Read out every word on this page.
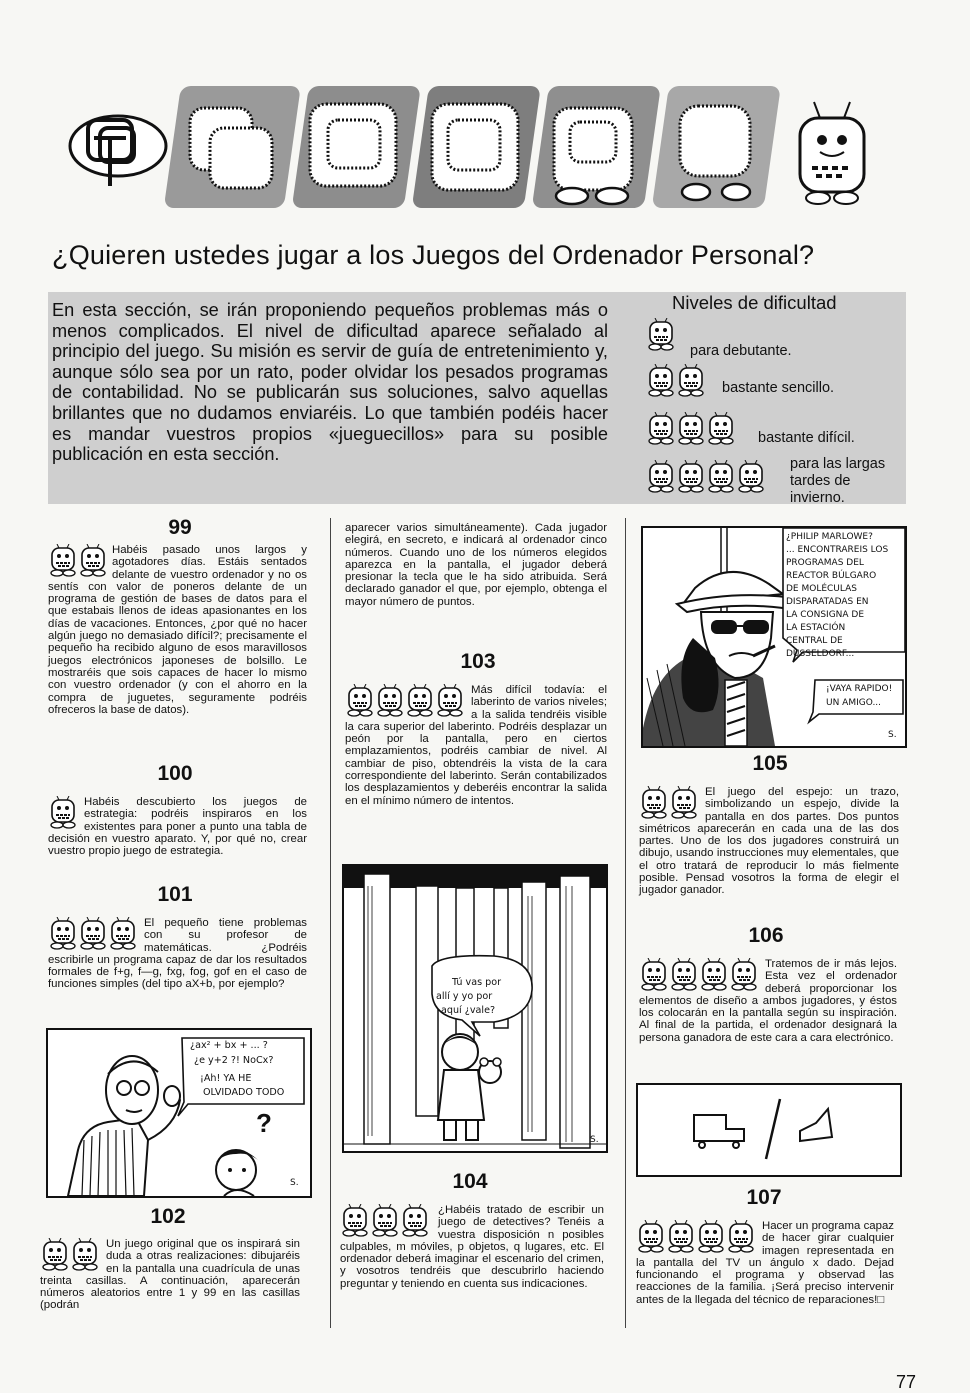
¿Quieren ustedes jugar a los Juegos del Ordenador Personal?
En esta sección, se irán proponiendo pequeños problemas más o menos complicados. El nivel de dificultad aparece señalado al principio del juego. Su misión es servir de guía de entretenimiento y, aunque sólo sea por un rato, poder olvidar los pesados programas de contabilidad. No se publicarán sus soluciones, salvo aquellas brillantes que no dudamos enviaréis. Lo que también podéis hacer es mandar vuestros propios «jueguecillos» para su posible publicación en esta sección.
Niveles de dificultad
para debutante.
bastante sencillo.
bastante difícil.
para las largas tardes de invierno.
99
Habéis pasado unos largos y agotadores días. Estáis sentados delante de vuestro ordenador y no os sentís con valor de poneros delante de un programa de gestión de bases de datos para el que estabais llenos de ideas apasionantes en los días de vacaciones. Entonces, ¿por qué no hacer algún juego no demasiado difícil?; precisamente el pequeño ha recibido alguno de esos maravillosos juegos electrónicos japoneses de bolsillo. Le mostraréis que sois capaces de hacer lo mismo con vuestro ordenador (y con el ahorro en la compra de juguetes, seguramente podréis ofreceros la base de datos).
100
Habéis descubierto los juegos de estrategia: podréis inspiraros en los existentes para poner a punto una tabla de decisión en vuestro aparato. Y, por qué no, crear vuestro propio juego de estrategia.
101
El pequeño tiene problemas con su profesor de matemáticas. ¿Podréis escribirle un programa capaz de dar los resultados formales de f+g, f—g, fxg, fog, gof en el caso de funciones simples (del tipo aX+b, por ejemplo?
¿ax² + bx + ... ?
¿e y+2 ?! NoCx?
¡Ah! YA HE
OLVIDADO TODO
?
S.
102
Un juego original que os inspirará sin duda a otras realizaciones: dibujaréis en la pantalla una cuadrícula de unas treinta casillas. A continuación, aparecerán números aleatorios entre 1 y 99 en las casillas (podrán
aparecer varios simultáneamente). Cada jugador elegirá, en secreto, e indicará al ordenador cinco números. Cuando uno de los números elegidos aparezca en la pantalla, el jugador deberá presionar la tecla que le ha sido atribuida. Será declarado ganador el que, por ejemplo, obtenga el mayor número de puntos.
103
Más difícil todavía: el laberinto de varios niveles; a la salida tendréis visible la cara superior del laberinto. Podréis desplazar un peón por la pantalla, pero en ciertos emplazamientos, podréis cambiar de nivel. Al cambiar de piso, obtendréis la vista de la cara correspondiente del laberinto. Serán contabilizados los desplazamientos y deberéis encontrar la salida en el mínimo número de intentos.
Tú vas por
allí y yo por
aquí ¿vale?
S.
104
¿Habéis tratado de escribir un juego de detectives? Tenéis a vuestra disposición n posibles culpables, m móviles, p objetos, q lugares, etc. El ordenador deberá imaginar el escenario del crimen, y vosotros tendréis que descubrirlo haciendo preguntar y teniendo en cuenta sus indicaciones.
¿PHILIP MARLOWE?
... ENCONTRAREIS LOS
PROGRAMAS DEL
REACTOR BÚLGARO
DE MOLÉCULAS
DISPARATADAS EN
LA CONSIGNA DE
LA ESTACIÓN
CENTRAL DE
DUSSELDORF...
¡VAYA RAPIDO!
UN AMIGO...
S.
105
El juego del espejo: un trazo, simbolizando un espejo, divide la pantalla en dos partes. Dos puntos simétricos aparecerán en cada una de las dos partes. Uno de los dos jugadores construirá un dibujo, usando instrucciones muy elementales, que el otro tratará de reproducir lo más fielmente posible. Pensad vosotros la forma de elegir el jugador ganador.
106
Tratemos de ir más lejos. Esta vez el ordenador deberá proporcionar los elementos de diseño a ambos jugadores, y éstos los colocarán en la pantalla según su inspiración. Al final de la partida, el ordenador designará la persona ganadora de este cara a cara electrónico.
107
Hacer un programa capaz de hacer girar cualquier imagen representada en la pantalla del TV un ángulo x dado. Dejad funcionando el programa y observad las reacciones de la familia. ¡Será preciso intervenir antes de la llegada del técnico de reparaciones!□
77
